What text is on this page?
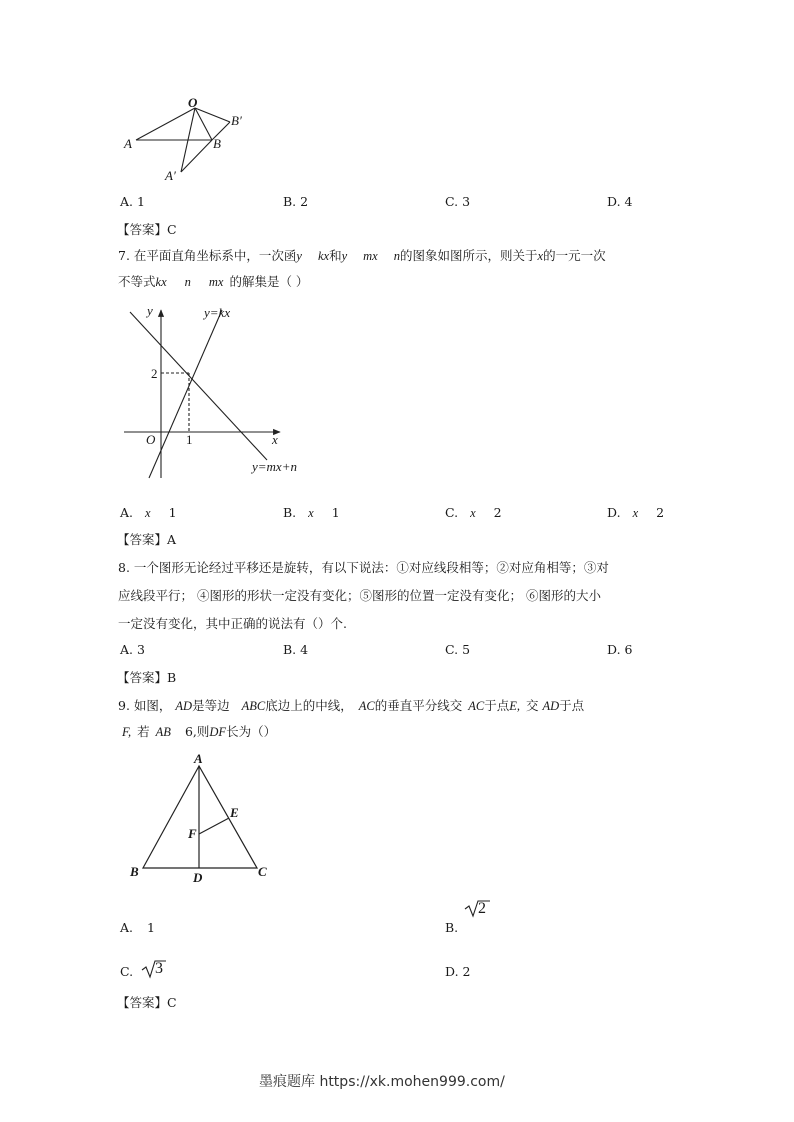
O
A	B
B′
A′
A. 1	B. 2	C. 3	D. 4
【答案】C
7. 在平面直角坐标系中，一次函y kx和y mx n的图象如图所示，则关于x的一元一次
不等式kx n mx 的解集是（ ）
y	y=kx
2
O 1	x
y=mx+n
A. x 1	B. x 1	C. x 2	D. x 2
【答案】A
8. 一个图形无论经过平移还是旋转，有以下说法：①对应线段相等；②对应角相等；③对
应线段平行； ④图形的形状一定没有变化；⑤图形的位置一定没有变化； ⑥图形的大小
一定没有变化，其中正确的说法有（）个.
A. 3	B. 4	C. 5	D. 6
【答案】B
9. 如图， AD是等边 ABC底边上的中线， AC的垂直平分线交 AC于点E, 交 AD于点
F, 若 AB 6,则DF长为（）
A
E
F
B	D	C
A. 1	B.
2
C. 3	D. 2
【答案】C
墨痕题库 https://xk.mohen999.com/
